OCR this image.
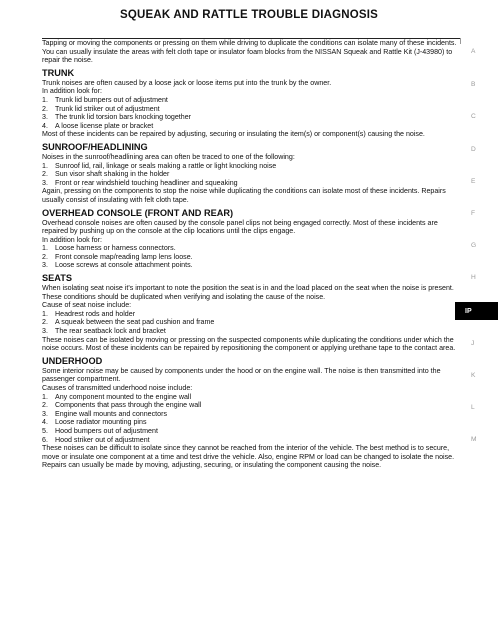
SQUEAK AND RATTLE TROUBLE DIAGNOSIS

Tapping or moving the components or pressing on them while driving to duplicate the conditions can isolate many of these incidents. You can usually insulate the areas with felt cloth tape or insulator foam blocks from the NISSAN Squeak and Rattle Kit (J-43980) to repair the noise.

TRUNK

Trunk noises are often caused by a loose jack or loose items put into the trunk by the owner.

In addition look for:

1. Trunk lid bumpers out of adjustment
2. Trunk lid striker out of adjustment
3. The trunk lid torsion bars knocking together
4. A loose license plate or bracket

Most of these incidents can be repaired by adjusting, securing or insulating the item(s) or component(s) causing the noise.

SUNROOF/HEADLINING

Noises in the sunroof/headlining area can often be traced to one of the following:

1. Sunroof lid, rail, linkage or seals making a rattle or light knocking noise
2. Sun visor shaft shaking in the holder
3. Front or rear windshield touching headliner and squeaking

Again, pressing on the components to stop the noise while duplicating the conditions can isolate most of these incidents. Repairs usually consist of insulating with felt cloth tape.

OVERHEAD CONSOLE (FRONT AND REAR)

Overhead console noises are often caused by the console panel clips not being engaged correctly. Most of these incidents are repaired by pushing up on the console at the clip locations until the clips engage.

In addition look for:

1. Loose harness or harness connectors.
2. Front console map/reading lamp lens loose.
3. Loose screws at console attachment points.
SEATS

When isolating seat noise it's important to note the position the seat is in and the load placed on the seat when the noise is present. These conditions should be duplicated when verifying and isolating the cause of the noise.

Cause of seat noise include:

1. Headrest rods and holder
2. A squeak between the seat pad cushion and frame
3. The rear seatback lock and bracket

These noises can be isolated by moving or pressing on the suspected components while duplicating the conditions under which the noise occurs. Most of these incidents can be repaired by repositioning the component or applying urethane tape to the contact area.

UNDERHOOD

Some interior noise may be caused by components under the hood or on the engine wall. The noise is then transmitted into the passenger compartment.

Causes of transmitted underhood noise include:

1. Any component mounted to the engine wall
2. Components that pass through the engine wall
3. Engine wall mounts and connectors
4. Loose radiator mounting pins
5. Hood bumpers out of adjustment
6. Hood striker out of adjustment

These noises can be difficult to isolate since they cannot be reached from the interior of the vehicle. The best method is to secure, move or insulate one component at a time and test drive the vehicle. Also, engine RPM or load can be changed to isolate the noise. Repairs can usually be made by moving, adjusting, securing, or insulating the component causing the noise.

A
B
C
D
E
F
G
H
IP
J
K
L
M
